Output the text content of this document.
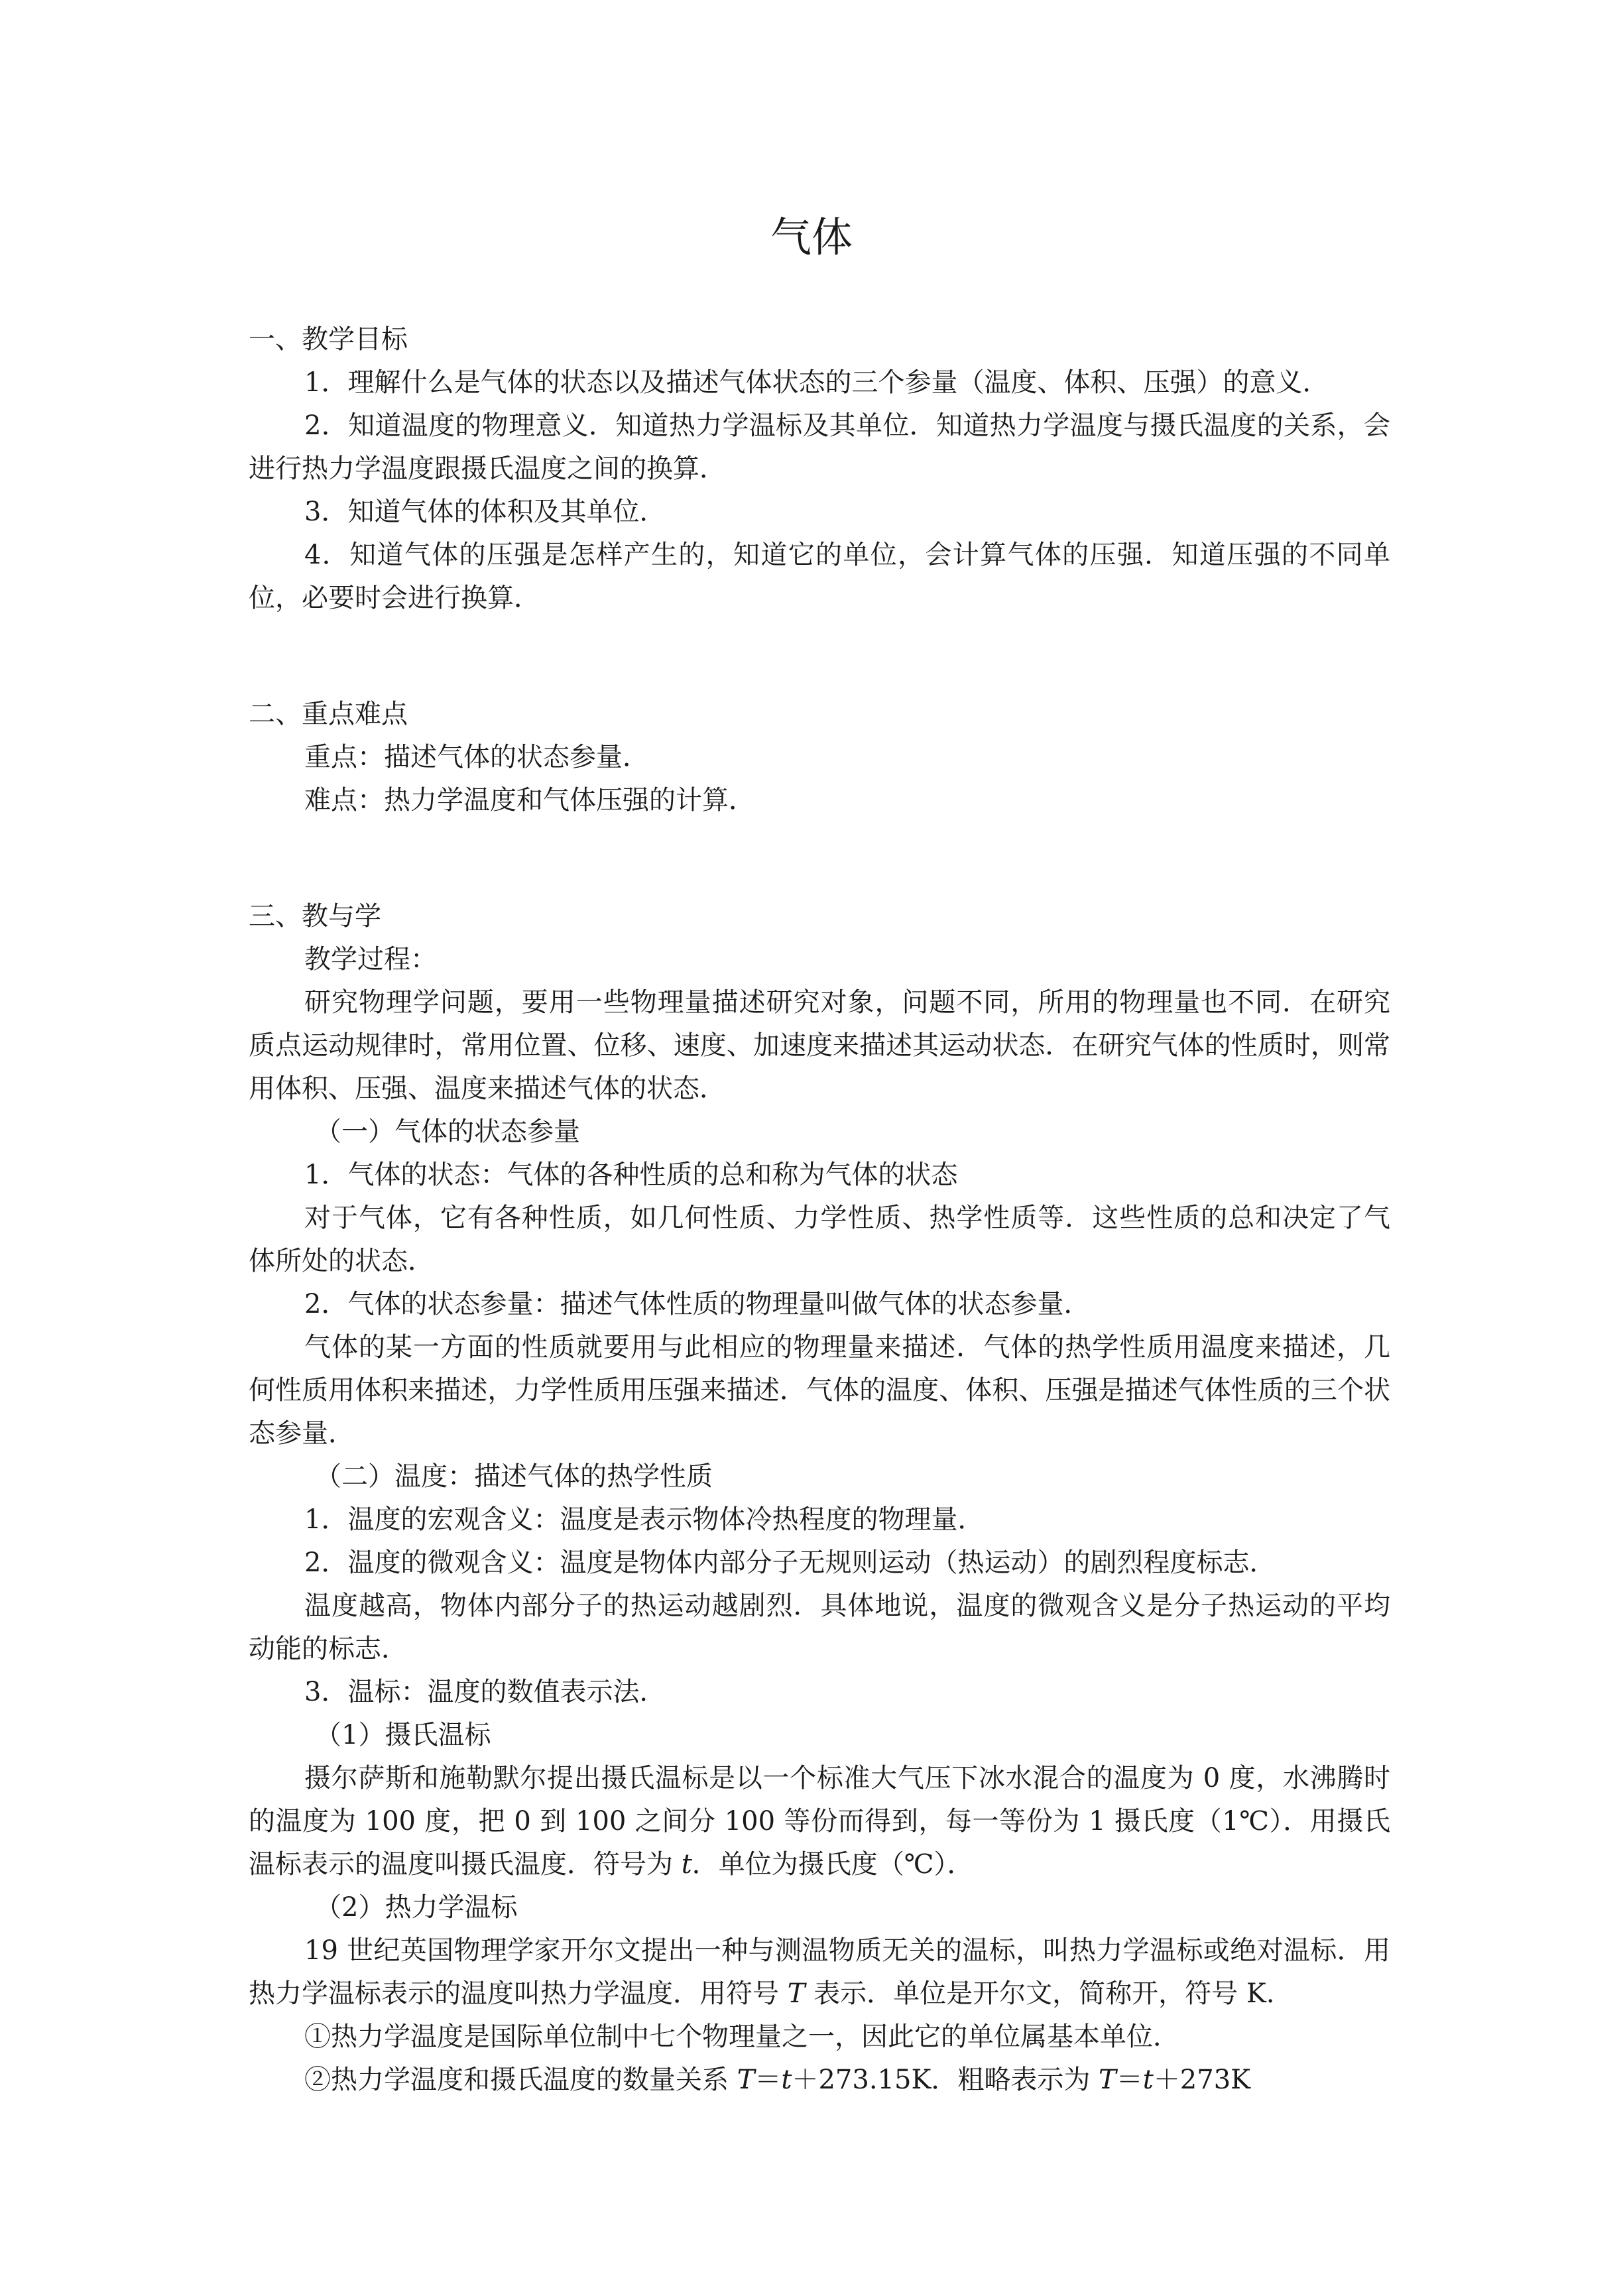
气体

一、教学目标

1．理解什么是气体的状态以及描述气体状态的三个参量（温度、体积、压强）的意义．

2．知道温度的物理意义．知道热力学温标及其单位．知道热力学温度与摄氏温度的关系，会进行热力学温度跟摄氏温度之间的换算．

3．知道气体的体积及其单位．

4．知道气体的压强是怎样产生的，知道它的单位，会计算气体的压强．知道压强的不同单位，必要时会进行换算．

二、重点难点

重点：描述气体的状态参量．

难点：热力学温度和气体压强的计算．

三、教与学

教学过程：

研究物理学问题，要用一些物理量描述研究对象，问题不同，所用的物理量也不同．在研究质点运动规律时，常用位置、位移、速度、加速度来描述其运动状态．在研究气体的性质时，则常用体积、压强、温度来描述气体的状态．

（一）气体的状态参量

1．气体的状态：气体的各种性质的总和称为气体的状态

对于气体，它有各种性质，如几何性质、力学性质、热学性质等．这些性质的总和决定了气体所处的状态．

2．气体的状态参量：描述气体性质的物理量叫做气体的状态参量．

气体的某一方面的性质就要用与此相应的物理量来描述．气体的热学性质用温度来描述，几何性质用体积来描述，力学性质用压强来描述．气体的温度、体积、压强是描述气体性质的三个状态参量．

（二）温度：描述气体的热学性质

1．温度的宏观含义：温度是表示物体冷热程度的物理量．

2．温度的微观含义：温度是物体内部分子无规则运动（热运动）的剧烈程度标志．

温度越高，物体内部分子的热运动越剧烈．具体地说，温度的微观含义是分子热运动的平均动能的标志．

3．温标：温度的数值表示法．

（1）摄氏温标

摄尔萨斯和施勒默尔提出摄氏温标是以一个标准大气压下冰水混合的温度为 0 度，水沸腾时的温度为 100 度，把 0 到 100 之间分 100 等份而得到，每一等份为 1 摄氏度（1℃）．用摄氏温标表示的温度叫摄氏温度．符号为 t．单位为摄氏度（℃）．

（2）热力学温标

19 世纪英国物理学家开尔文提出一种与测温物质无关的温标，叫热力学温标或绝对温标．用热力学温标表示的温度叫热力学温度．用符号 T 表示．单位是开尔文，简称开，符号 K.

①热力学温度是国际单位制中七个物理量之一，因此它的单位属基本单位．

②热力学温度和摄氏温度的数量关系 T＝t＋273.15K．粗略表示为 T＝t＋273K
